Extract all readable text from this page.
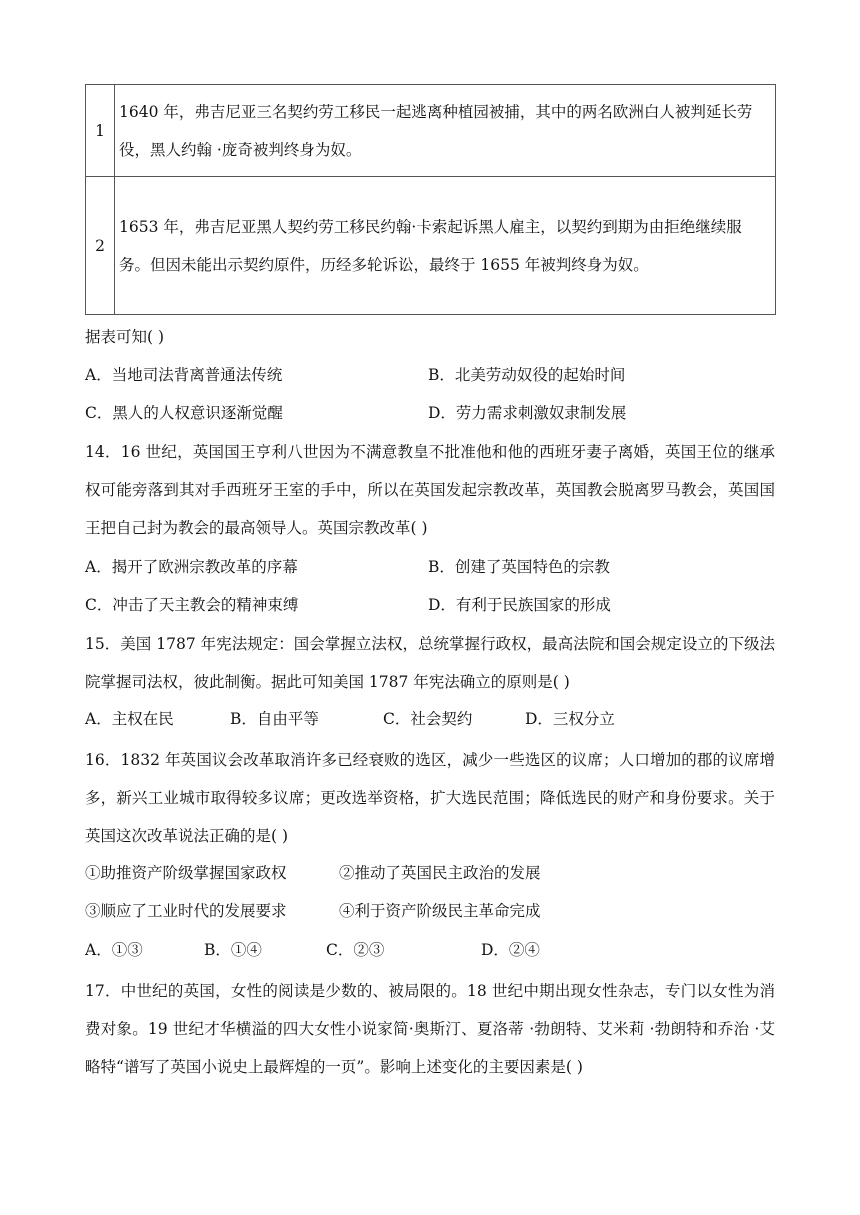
1	1640 年，弗吉尼亚三名契约劳工移民一起逃离种植园被捕，其中的两名欧洲白人被判延长劳役，黑人约翰 ·庞奇被判终身为奴。
2	1653 年，弗吉尼亚黑人契约劳工移民约翰·卡索起诉黑人雇主，以契约到期为由拒绝继续服务。但因未能出示契约原件，历经多轮诉讼，最终于 1655 年被判终身为奴。
据表可知( )
A．当地司法背离普通法传统	B．北美劳动奴役的起始时间
C．黑人的人权意识逐渐觉醒	D．劳力需求刺激奴隶制发展
14．16 世纪，英国国王亨利八世因为不满意教皇不批准他和他的西班牙妻子离婚，英国王位的继承权可能旁落到其对手西班牙王室的手中，所以在英国发起宗教改革，英国教会脱离罗马教会，英国国王把自己封为教会的最高领导人。英国宗教改革( )
A．揭开了欧洲宗教改革的序幕	B．创建了英国特色的宗教
C．冲击了天主教会的精神束缚	D．有利于民族国家的形成
15．美国 1787 年宪法规定：国会掌握立法权，总统掌握行政权，最高法院和国会规定设立的下级法院掌握司法权，彼此制衡。据此可知美国 1787 年宪法确立的原则是( )
A．主权在民	B．自由平等	C．社会契约	D．三权分立
16．1832 年英国议会改革取消许多已经衰败的选区，减少一些选区的议席；人口增加的郡的议席增多，新兴工业城市取得较多议席；更改选举资格，扩大选民范围；降低选民的财产和身份要求。关于英国这次改革说法正确的是( )
①助推资产阶级掌握国家政权	②推动了英国民主政治的发展
③顺应了工业时代的发展要求	④利于资产阶级民主革命完成
A．①③	B．①④	C．②③	D．②④
17．中世纪的英国，女性的阅读是少数的、被局限的。18 世纪中期出现女性杂志，专门以女性为消费对象。19 世纪才华横溢的四大女性小说家简·奥斯汀、夏洛蒂 ·勃朗特、艾米莉 ·勃朗特和乔治 ·艾略特“谱写了英国小说史上最辉煌的一页”。影响上述变化的主要因素是( )
